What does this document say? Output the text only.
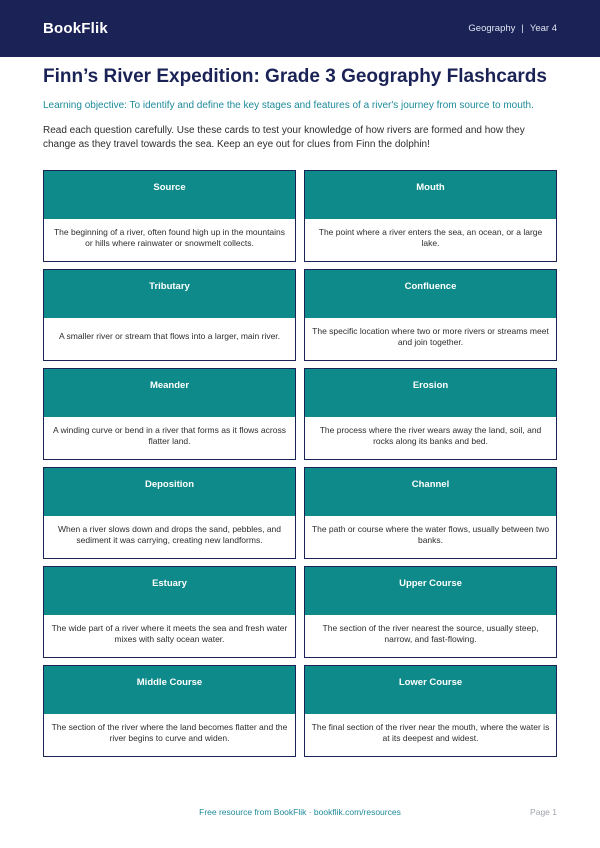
BookFlik	Geography | Year 4
Finn’s River Expedition: Grade 3 Geography Flashcards
Learning objective: To identify and define the key stages and features of a river's journey from source to mouth.
Read each question carefully. Use these cards to test your knowledge of how rivers are formed and how they change as they travel towards the sea. Keep an eye out for clues from Finn the dolphin!
Source
The beginning of a river, often found high up in the mountains or hills where rainwater or snowmelt collects.
Mouth
The point where a river enters the sea, an ocean, or a large lake.
Tributary
A smaller river or stream that flows into a larger, main river.
Confluence
The specific location where two or more rivers or streams meet and join together.
Meander
A winding curve or bend in a river that forms as it flows across flatter land.
Erosion
The process where the river wears away the land, soil, and rocks along its banks and bed.
Deposition
When a river slows down and drops the sand, pebbles, and sediment it was carrying, creating new landforms.
Channel
The path or course where the water flows, usually between two banks.
Estuary
The wide part of a river where it meets the sea and fresh water mixes with salty ocean water.
Upper Course
The section of the river nearest the source, usually steep, narrow, and fast-flowing.
Middle Course
The section of the river where the land becomes flatter and the river begins to curve and widen.
Lower Course
The final section of the river near the mouth, where the water is at its deepest and widest.
Free resource from BookFlik · bookflik.com/resources	Page 1
